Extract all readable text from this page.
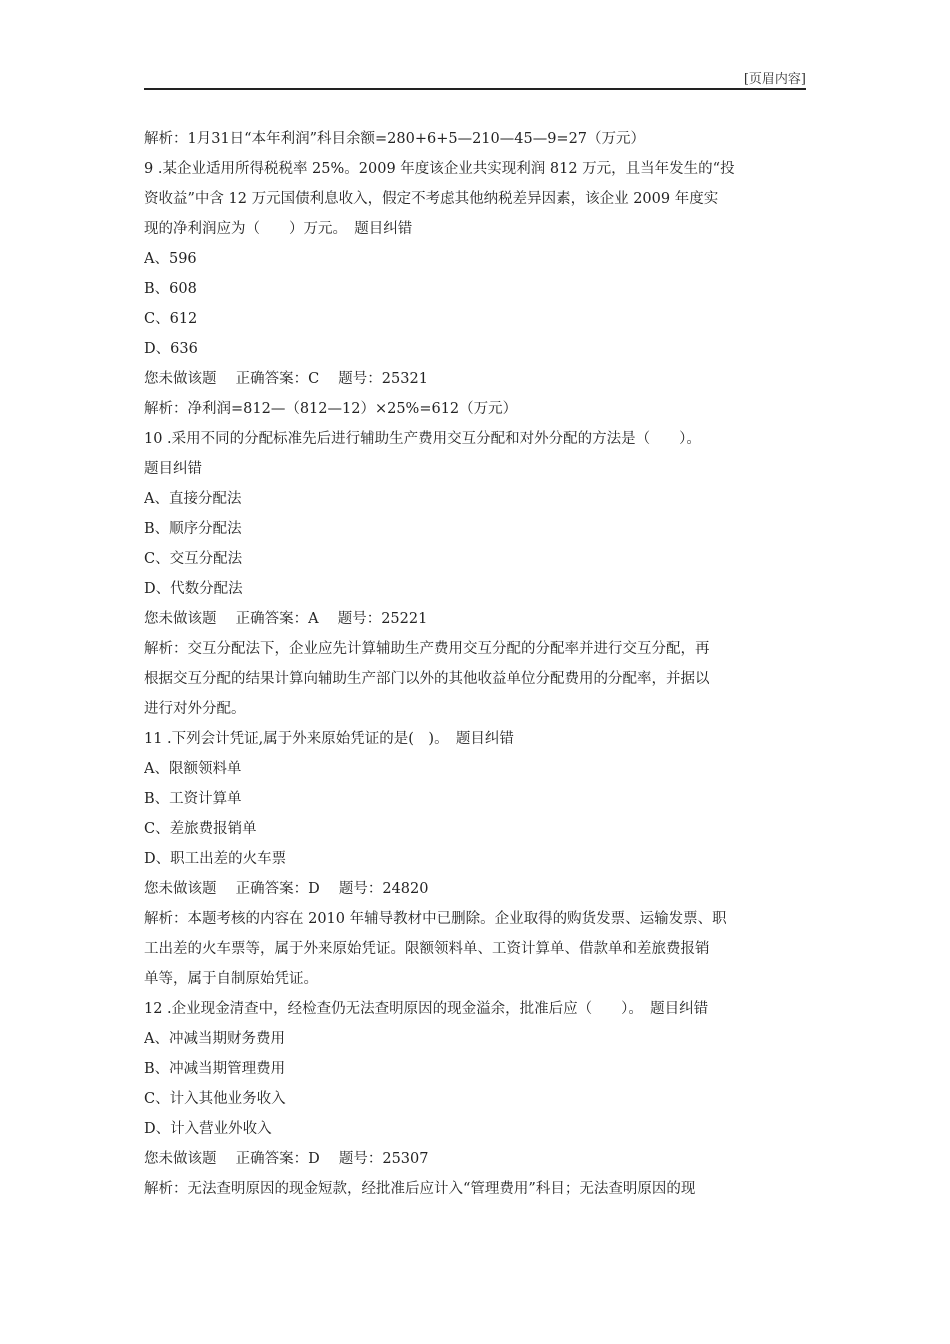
[页眉内容]
解析：1月31日“本年利润”科目余额=280+6+5—210—45—9=27（万元）
9 .某企业适用所得税税率 25%。2009 年度该企业共实现利润 812 万元，且当年发生的“投
资收益”中含 12 万元国债利息收入，假定不考虑其他纳税差异因素，该企业 2009 年度实
现的净利润应为（　　）万元。　题目纠错
A、596
B、608
C、612
D、636
您未做该题　 正确答案：C　 题号：25321
解析：净利润=812—（812—12）×25%=612（万元）
10 .采用不同的分配标准先后进行辅助生产费用交互分配和对外分配的方法是（　　）。
题目纠错
A、直接分配法
B、顺序分配法
C、交互分配法
D、代数分配法
您未做该题　 正确答案：A　 题号：25221
解析：交互分配法下，企业应先计算辅助生产费用交互分配的分配率并进行交互分配，再
根据交互分配的结果计算向辅助生产部门以外的其他收益单位分配费用的分配率，并据以
进行对外分配。
11 .下列会计凭证,属于外来原始凭证的是(　)。　题目纠错
A、限额领料单
B、工资计算单
C、差旅费报销单
D、职工出差的火车票
您未做该题　 正确答案：D　 题号：24820
解析：本题考核的内容在 2010 年辅导教材中已删除。企业取得的购货发票、运输发票、职
工出差的火车票等，属于外来原始凭证。限额领料单、工资计算单、借款单和差旅费报销
单等，属于自制原始凭证。
12 .企业现金清查中，经检查仍无法查明原因的现金溢余，批准后应（　　）。　题目纠错
A、冲减当期财务费用
B、冲减当期管理费用
C、计入其他业务收入
D、计入营业外收入
您未做该题　 正确答案：D　 题号：25307
解析：无法查明原因的现金短款，经批准后应计入“管理费用”科目；无法查明原因的现
